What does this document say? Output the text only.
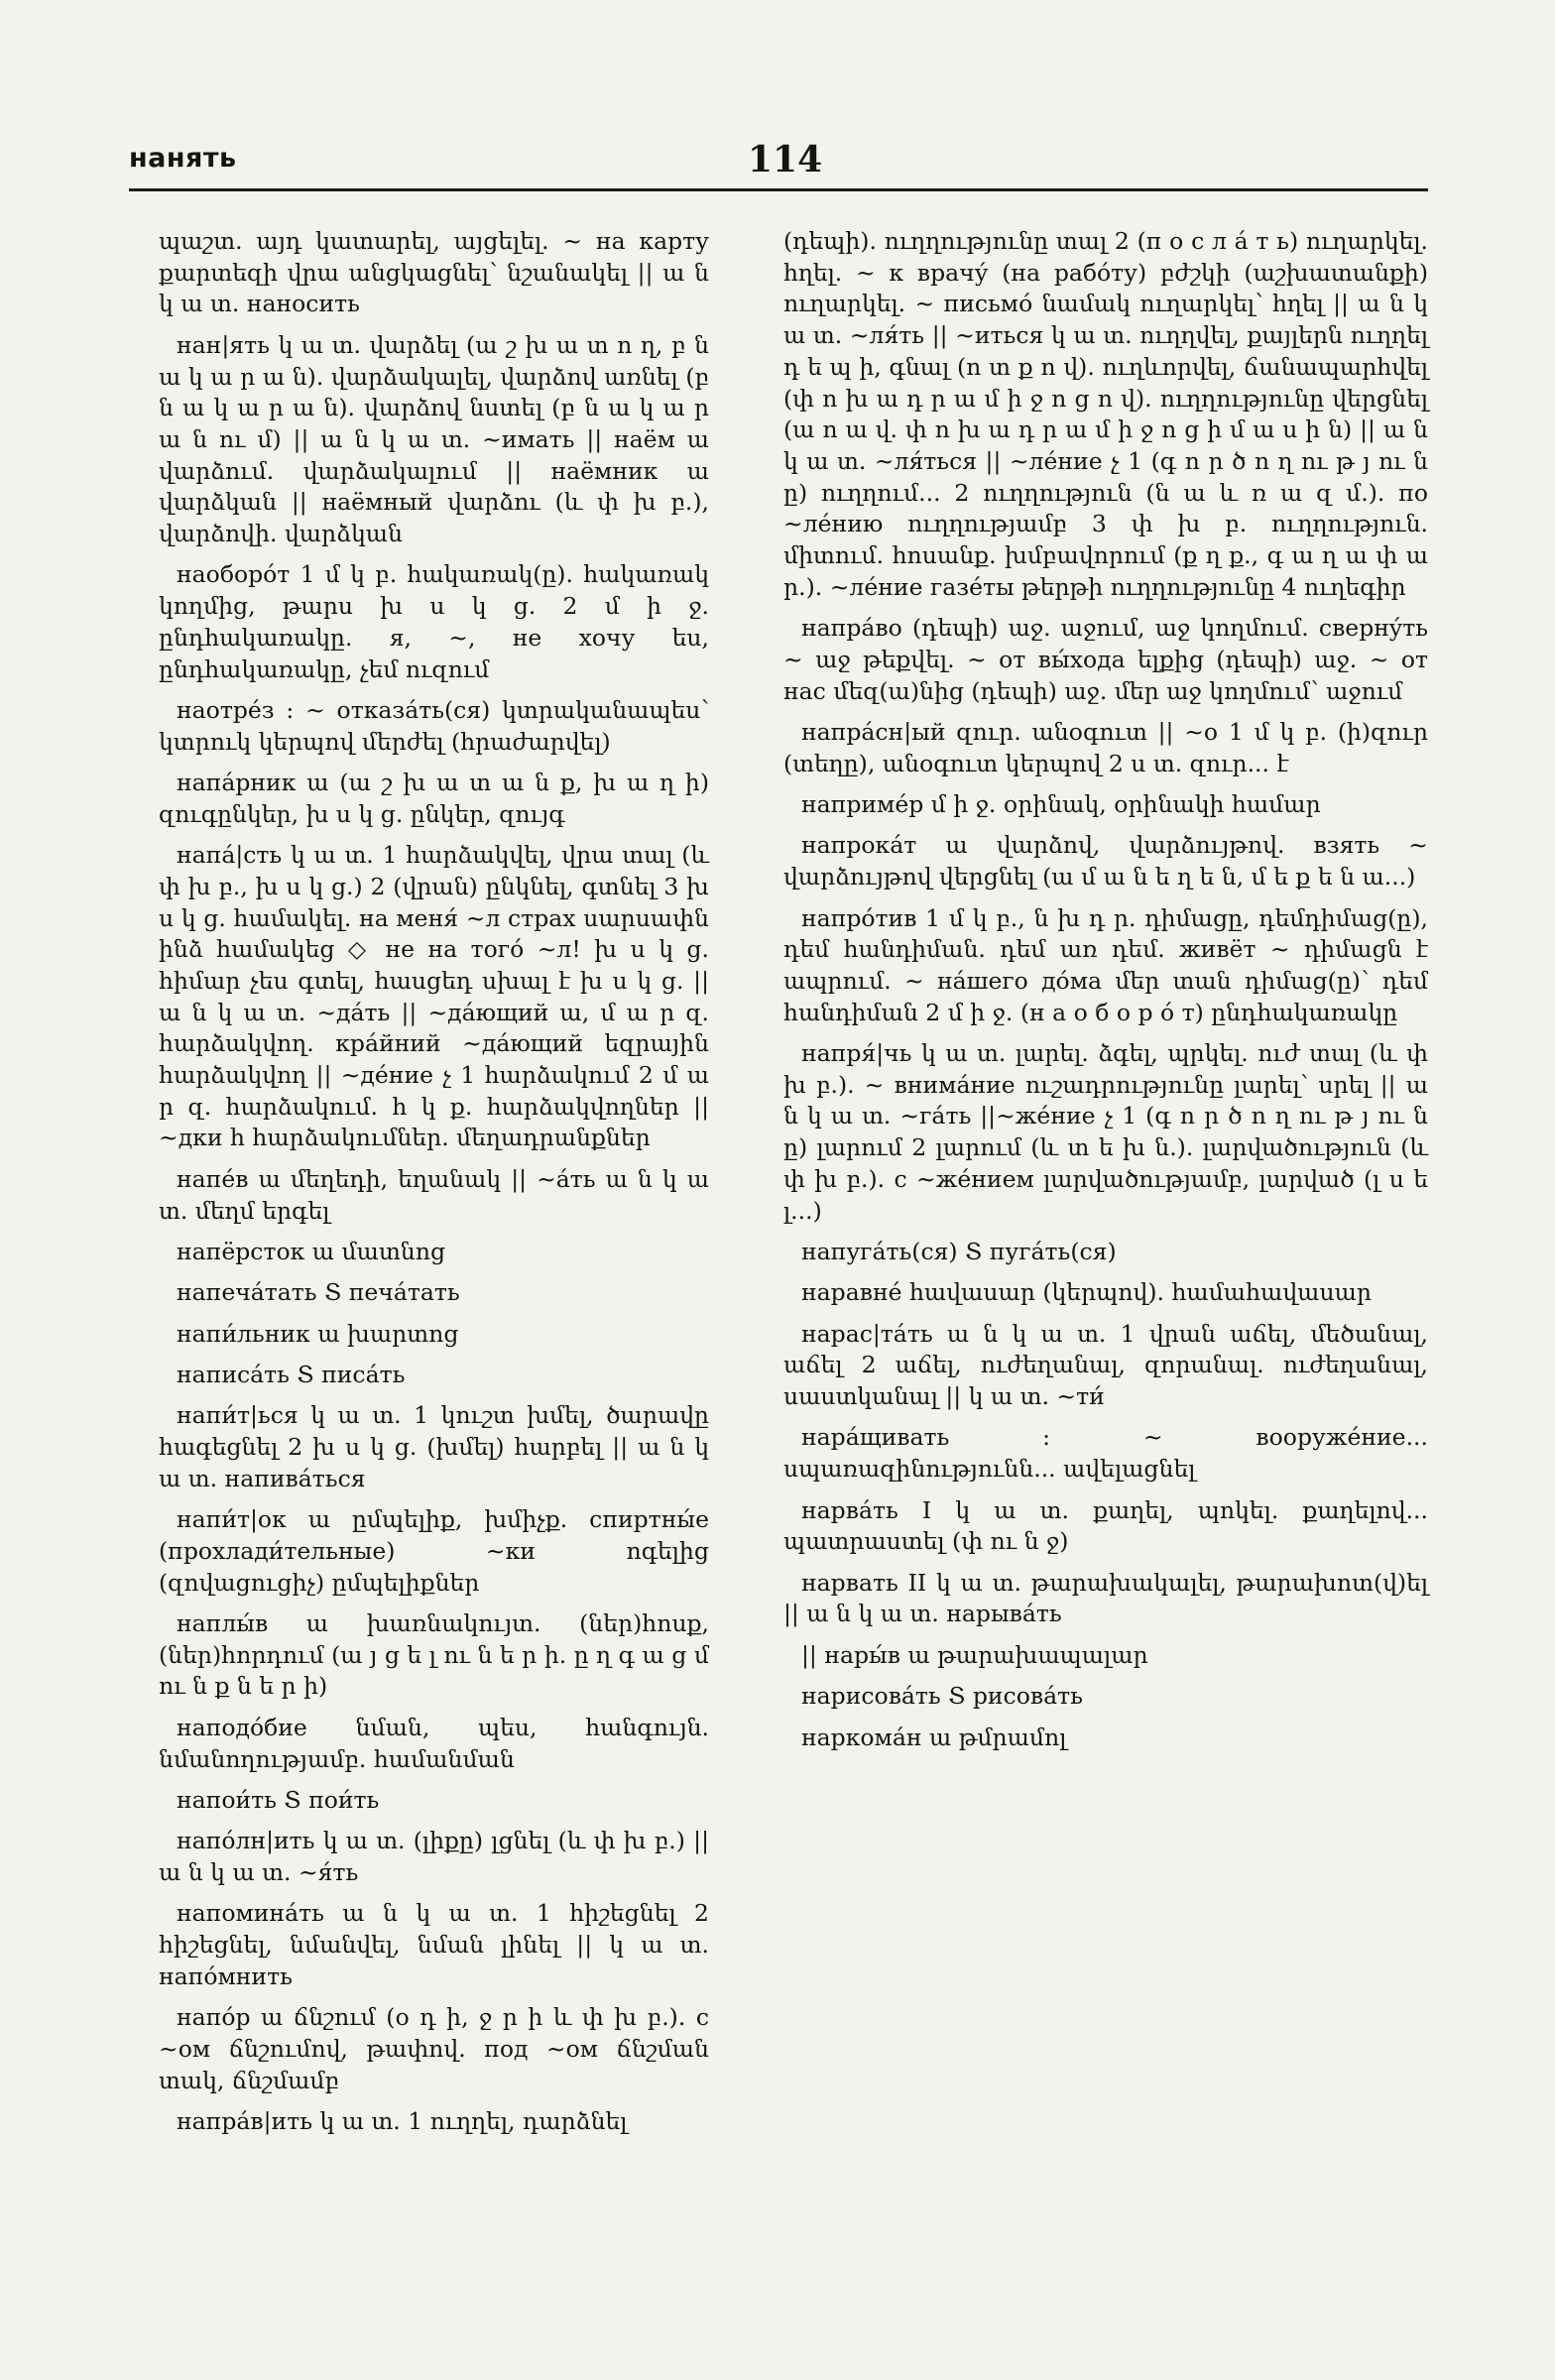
нанять	114

պաշտ. այդ կատարել, այցելել. ~ на карту քարտեզի վրա անցկացնել՝ նշանակել || ա ն կ ա տ. наносить

нан|ять կ ա տ. վարձել (ա շ խ ա տ ո ղ, բ ն ա կ ա ր ա ն). վարձակալել, վարձով առնել (բ ն ա կ ա ր ա ն). վարձով նստել (բ ն ա կ ա ր ա ն ու մ) || ա ն կ ա տ. ~имать || наём ա վարձում. վարձակալում || наёмник ա վարձկան || наёмный վարձու (և փ խ բ.), վարձովի. վարձկան

наоборóт 1 մ կ բ. հակառակ(ը). հակառակ կողմից, թարս խ ս կ ց. 2 մ ի ջ. ընդհակառակը. я, ~, не хочу ես, ընդհակառակը, չեմ ուզում

наотрéз : ~ отказáть(ся) կտրականապես՝ կտրուկ կերպով մերժել (հրաժարվել)

напáрник ա (ա շ խ ա տ ա ն ք, խ ա ղ ի) զուգընկեր, խ ս կ ց. ընկեր, զույգ

напá|сть կ ա տ. 1 հարձակվել, վրա տալ (և փ խ բ., խ ս կ ց.) 2 (վրան) ընկնել, գտնել 3 խ ս կ ց. համակել. на меня́ ~л страх սարսափն ինձ համակեց ◇ не на того́ ~л! խ ս կ ց. հիմար չես գտել, հասցեդ սխալ է խ ս կ ց. || ա ն կ ա տ. ~дáть || ~дáющий ա, մ ա ր զ. հարձակվող. крáйний ~дáющий եզրային հարձակվող || ~дéние չ 1 հարձակում 2 մ ա ր զ. հարձակում. հ կ ք. հարձակվողներ || ~дки հ հարձակումներ. մեղադրանքներ

напéв ա մեղեդի, եղանակ || ~áть ա ն կ ա տ. մեղմ երգել

напёрсток ա մատնոց

напечáтать Տ печáтать

напи́льник ա խարտոց

написáть Տ писáть

напи́т|ься կ ա տ. 1 կուշտ խմել, ծարավը հագեցնել 2 խ ս կ ց. (խմել) հարբել || ա ն կ ա տ. напивáться

напи́т|ок ա ըմպելիք, խմիչք. спиртны́е (прохлади́тельные) ~ки ոգելից (զովացուցիչ) ըմպելիքներ

наплы́в ա խառնակույտ. (ներ)հոսք, (ներ)հորդում (ա յ ց ե լ ու ն ե ր ի. ը ղ գ ա ց մ ու ն ք ն ե ր ի)

наподóбие նման, պես, հանգույն. նմանողությամբ. համանման

напои́ть Տ пои́ть

напóлн|ить կ ա տ. (լիքը) լցնել (և փ խ բ.) || ա ն կ ա տ. ~я́ть

напоминáть ա ն կ ա տ. 1 հիշեցնել 2 հիշեցնել, նմանվել, նման լինել || կ ա տ. напóмнить

напóр ա ճնշում (օ դ ի, ջ ր ի և փ խ բ.). с ~ом ճնշումով, թափով. под ~ом ճնշման տակ, ճնշմամբ

напрáв|ить կ ա տ. 1 ուղղել, դարձնել

(դեպի). ուղղությունը տալ 2 (п о с л á т ь) ուղարկել. հղել. ~ к врачу́ (на рабóту) բժշկի (աշխատանքի) ուղարկել. ~ письмó նամակ ուղարկել՝ հղել || ա ն կ ա տ. ~ля́ть || ~иться կ ա տ. ուղղվել, քայլերն ուղղել դ ե պ ի, գնալ (ո տ ք ո վ). ուղևորվել, ճանապարհվել (փ ո խ ա դ ր ա մ ի ջ ո ց ո վ). ուղղությունը վերցնել (ա ո ա վ. փ ո խ ա դ ր ա մ ի ջ ո ց ի մ ա ս ի ն) || ա ն կ ա տ. ~ля́ться || ~лéние չ 1 (գ ո ր ծ ո ղ ու թ յ ու ն ը) ուղղում... 2 ուղղություն (ն ա և ռ ա զ մ.). по ~лéнию ուղղությամբ 3 փ խ բ. ուղղություն. միտում. հոսանք. խմբավորում (ք ղ ք., գ ա ղ ա փ ա ր.). ~лéние газéты թերթի ուղղությունը 4 ուղեգիր

напрáво (դեպի) աջ. աջում, աջ կողմում. свернýть ~ աջ թեքվել. ~ от вы́хода ելքից (դեպի) աջ. ~ от нас մեզ(ա)նից (դեպի) աջ. մեր աջ կողմում՝ աջում

напрáсн|ый զուր. անօգուտ || ~о 1 մ կ բ. (ի)զուր (տեղը), անօգուտ կերպով 2 ս տ. զուր... է

напримéр մ ի ջ. օրինակ, օրինակի համար

напрокáт ա վարձով, վարձույթով. взять ~ վարձույթով վերցնել (ա մ ա ն ե ղ ե ն, մ ե ք ե ն ա...)

напрóтив 1 մ կ բ., ն խ դ ր. դիմացը, դեմդիմաց(ը), դեմ հանդիման. դեմ առ դեմ. живёт ~ դիմացն է ապրում. ~ нáшего дóма մեր տան դիմաց(ը)՝ դեմ հանդիման 2 մ ի ջ. (н а о б о р ó т) ընդհակառակը

напря́|чь կ ա տ. լարել. ձգել, պրկել. ուժ տալ (և փ խ բ.). ~ внимáние ուշադրությունը լարել՝ սրել || ա ն կ ա տ. ~гáть ||~жéние չ 1 (գ ո ր ծ ո ղ ու թ յ ու ն ը) լարում 2 լարում (և տ ե խ ն.). լարվածություն (և փ խ բ.). с ~жéнием լարվածությամբ, լարված (լ ս ե լ...)

напугáть(ся) Տ пугáть(ся)

наравнé հավասար (կերպով). համահավասար

нарас|тáть ա ն կ ա տ. 1 վրան աճել, մեծանալ, աճել 2 աճել, ուժեղանալ, զորանալ. ուժեղանալ, սաստկանալ || կ ա տ. ~ти́

нарáщивать : ~ вооружéние... սպառազինությունն... ավելացնել

нарвáть I կ ա տ. քաղել, պոկել. քաղելով... պատրաստել (փ ու ն ջ)

нарвать II կ ա տ. թարախակալել, թարախոտ(վ)ել || ա ն կ ա տ. нарывáть

|| нары́в ա թարախապալար

нарисовáть Տ рисовáть

наркомáн ա թմրամոլ
